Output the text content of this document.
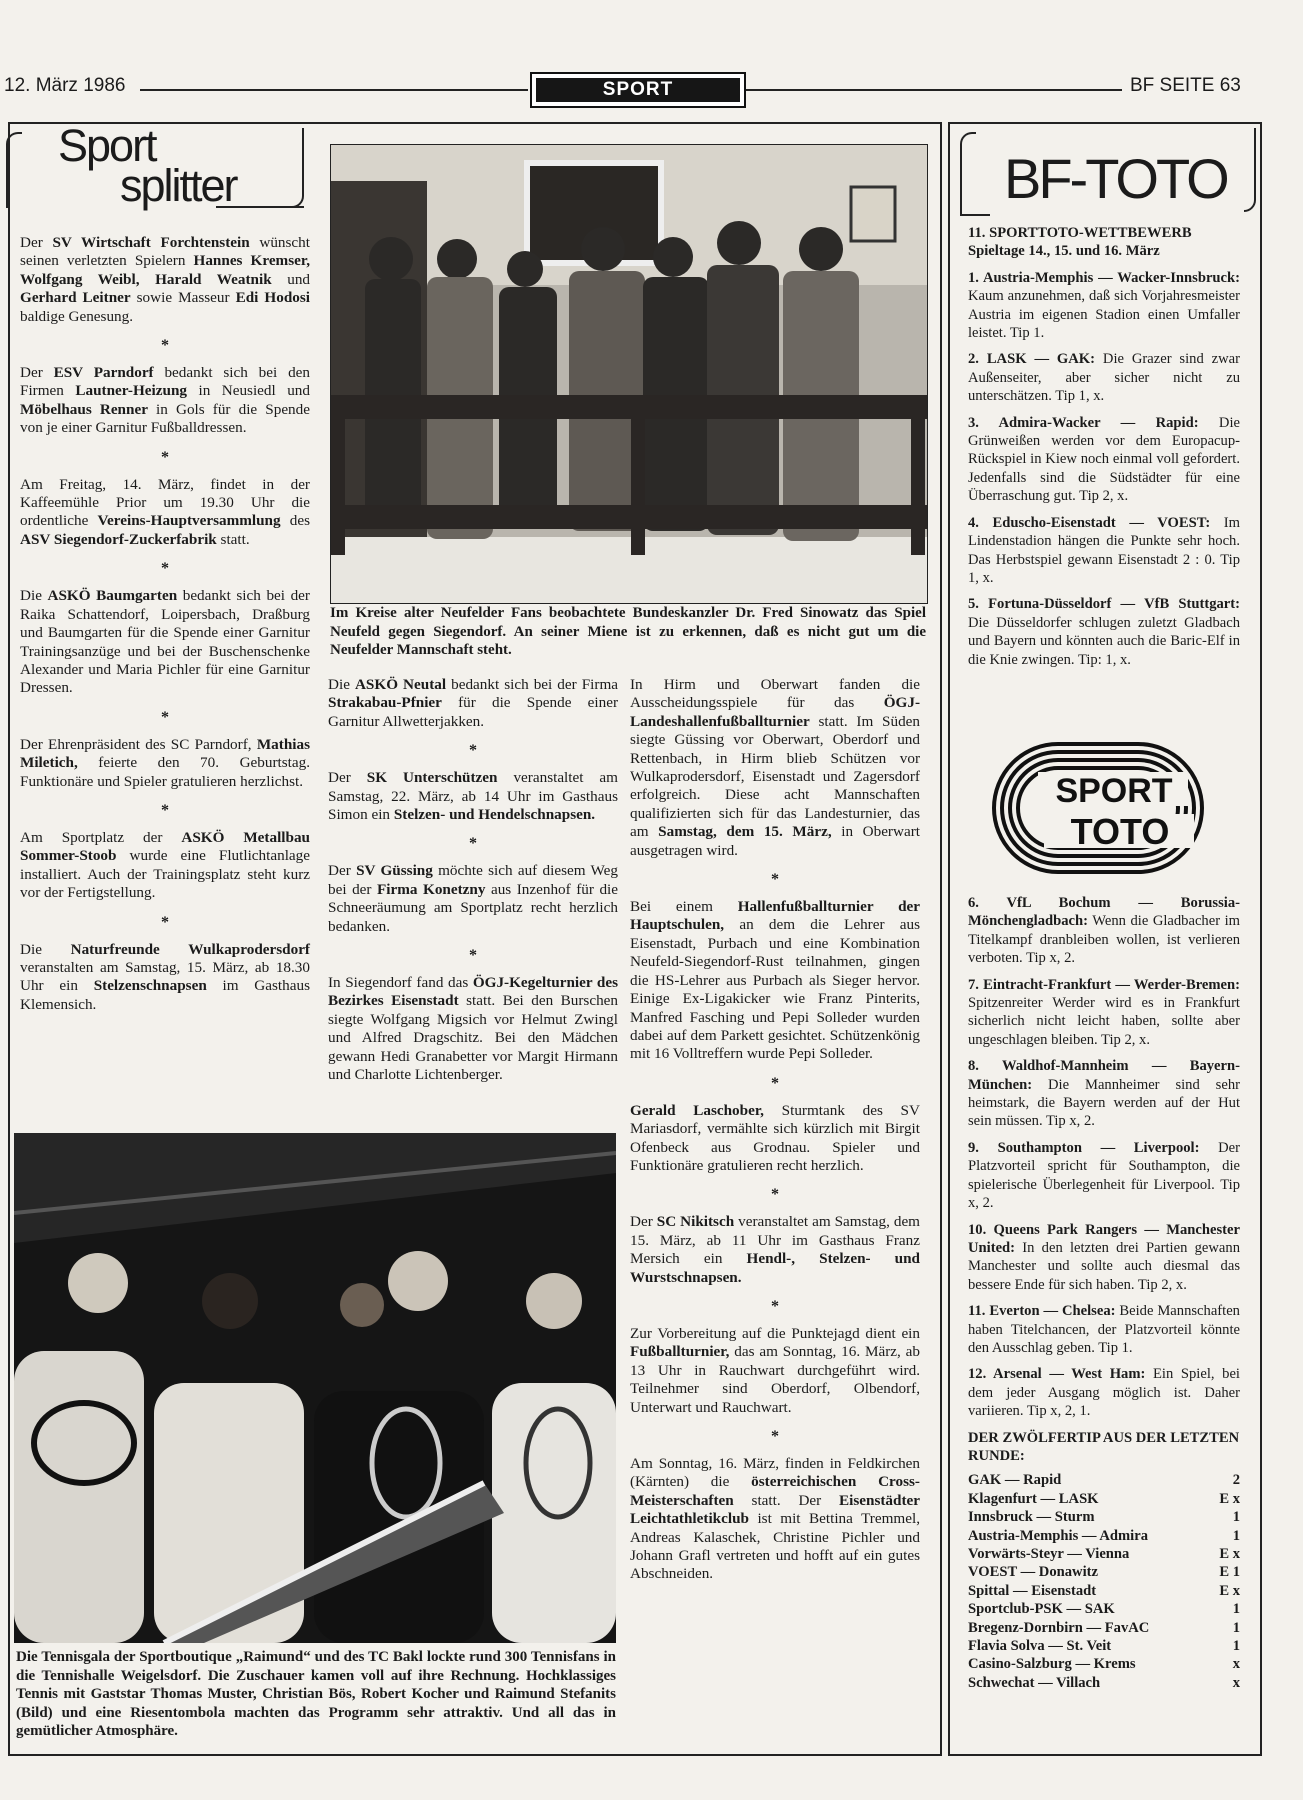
12. März 1986	SPORT	BF SEITE 63
Sport
splitter

Der SV Wirtschaft Forchtenstein wünscht seinen verletzten Spielern Hannes Kremser, Wolfgang Weibl, Harald Weatnik und Gerhard Leitner sowie Masseur Edi Hodosi baldige Genesung.

*

Der ESV Parndorf bedankt sich bei den Firmen Lautner-Heizung in Neusiedl und Möbelhaus Renner in Gols für die Spende von je einer Garnitur Fußballdressen.

*

Am Freitag, 14. März, findet in der Kaffeemühle Prior um 19.30 Uhr die ordentliche Vereins-Hauptversammlung des ASV Siegendorf-Zuckerfabrik statt.

*

Die ASKÖ Baumgarten bedankt sich bei der Raika Schattendorf, Loipersbach, Draßburg und Baumgarten für die Spende einer Garnitur Trainingsanzüge und bei der Buschenschenke Alexander und Maria Pichler für eine Garnitur Dressen.

*

Der Ehrenpräsident des SC Parndorf, Mathias Miletich, feierte den 70. Geburtstag. Funktionäre und Spieler gratulieren herzlichst.

*

Am Sportplatz der ASKÖ Metallbau Sommer-Stoob wurde eine Flutlichtanlage installiert. Auch der Trainingsplatz steht kurz vor der Fertigstellung.

*

Die Naturfreunde Wulkaprodersdorf veranstalten am Samstag, 15. März, ab 18.30 Uhr ein Stelzenschnapsen im Gasthaus Klemensich.

Im Kreise alter Neufelder Fans beobachtete Bundeskanzler Dr. Fred Sinowatz das Spiel Neufeld gegen Siegendorf. An seiner Miene ist zu erkennen, daß es nicht gut um die Neufelder Mannschaft steht.

Die ASKÖ Neutal bedankt sich bei der Firma Strakabau-Pfnier für die Spende einer Garnitur Allwetterjakken.

*

Der SK Unterschützen veranstaltet am Samstag, 22. März, ab 14 Uhr im Gasthaus Simon ein Stelzen- und Hendelschnapsen.

*

Der SV Güssing möchte sich auf diesem Weg bei der Firma Konetzny aus Inzenhof für die Schneeräumung am Sportplatz recht herzlich bedanken.

*

In Siegendorf fand das ÖGJ-Kegelturnier des Bezirkes Eisenstadt statt. Bei den Burschen siegte Wolfgang Migsich vor Helmut Zwingl und Alfred Dragschitz. Bei den Mädchen gewann Hedi Granabetter vor Margit Hirmann und Charlotte Lichtenberger.

In Hirm und Oberwart fanden die Ausscheidungsspiele für das ÖGJ-Landeshallenfußballturnier statt. Im Süden siegte Güssing vor Oberwart, Oberdorf und Rettenbach, in Hirm blieb Schützen vor Wulkaprodersdorf, Eisenstadt und Zagersdorf erfolgreich. Diese acht Mannschaften qualifizierten sich für das Landesturnier, das am Samstag, dem 15. März, in Oberwart ausgetragen wird.

*

Bei einem Hallenfußballturnier der Hauptschulen, an dem die Lehrer aus Eisenstadt, Purbach und eine Kombination Neufeld-Siegendorf-Rust teilnahmen, gingen die HS-Lehrer aus Purbach als Sieger hervor. Einige Ex-Ligakicker wie Franz Pinterits, Manfred Fasching und Pepi Solleder wurden dabei auf dem Parkett gesichtet. Schützenkönig mit 16 Volltreffern wurde Pepi Solleder.

*

Gerald Laschober, Sturmtank des SV Mariasdorf, vermählte sich kürzlich mit Birgit Ofenbeck aus Grodnau. Spieler und Funktionäre gratulieren recht herzlich.

*

Der SC Nikitsch veranstaltet am Samstag, dem 15. März, ab 11 Uhr im Gasthaus Franz Mersich ein Hendl-, Stelzen- und Wurstschnapsen.

*

Zur Vorbereitung auf die Punktejagd dient ein Fußballturnier, das am Sonntag, 16. März, ab 13 Uhr in Rauchwart durchgeführt wird. Teilnehmer sind Oberdorf, Olbendorf, Unterwart und Rauchwart.

*

Am Sonntag, 16. März, finden in Feldkirchen (Kärnten) die österreichischen Cross-Meisterschaften statt. Der Eisenstädter Leichtathletikclub ist mit Bettina Tremmel, Andreas Kalaschek, Christine Pichler und Johann Grafl vertreten und hofft auf ein gutes Abschneiden.

Die Tennisgala der Sportboutique „Raimund“ und des TC Bakl lockte rund 300 Tennisfans in die Tennishalle Weigelsdorf. Die Zuschauer kamen voll auf ihre Rechnung. Hochklassiges Tennis mit Gaststar Thomas Muster, Christian Bös, Robert Kocher und Raimund Stefanits (Bild) und eine Riesentombola machten das Programm sehr attraktiv. Und all das in gemütlicher Atmosphäre.
BF-TOTO

11. SPORTTOTO-WETTBEWERB Spieltage 14., 15. und 16. März

1. Austria-Memphis — Wacker-Innsbruck: Kaum anzunehmen, daß sich Vorjahresmeister Austria im eigenen Stadion einen Umfaller leistet. Tip 1.

2. LASK — GAK: Die Grazer sind zwar Außenseiter, aber sicher nicht zu unterschätzen. Tip 1, x.

3. Admira-Wacker — Rapid: Die Grünweißen werden vor dem Europacup-Rückspiel in Kiew noch einmal voll gefordert. Jedenfalls sind die Südstädter für eine Überraschung gut. Tip 2, x.

4. Eduscho-Eisenstadt — VOEST: Im Lindenstadion hängen die Punkte sehr hoch. Das Herbstspiel gewann Eisenstadt 2 : 0. Tip 1, x.

5. Fortuna-Düsseldorf — VfB Stuttgart: Die Düsseldorfer schlugen zuletzt Gladbach und Bayern und könnten auch die Baric-Elf in die Knie zwingen. Tip: 1, x.

SPORT
TOTO

6. VfL Bochum — Borussia-Mönchengladbach: Wenn die Gladbacher im Titelkampf dranbleiben wollen, ist verlieren verboten. Tip x, 2.

7. Eintracht-Frankfurt — Werder-Bremen: Spitzenreiter Werder wird es in Frankfurt sicherlich nicht leicht haben, sollte aber ungeschlagen bleiben. Tip 2, x.

8. Waldhof-Mannheim — Bayern-München: Die Mannheimer sind sehr heimstark, die Bayern werden auf der Hut sein müssen. Tip x, 2.

9. Southampton — Liverpool: Der Platzvorteil spricht für Southampton, die spielerische Überlegenheit für Liverpool. Tip x, 2.

10. Queens Park Rangers — Manchester United: In den letzten drei Partien gewann Manchester und sollte auch diesmal das bessere Ende für sich haben. Tip 2, x.

11. Everton — Chelsea: Beide Mannschaften haben Titelchancen, der Platzvorteil könnte den Ausschlag geben. Tip 1.

12. Arsenal — West Ham: Ein Spiel, bei dem jeder Ausgang möglich ist. Daher variieren. Tip x, 2, 1.

DER ZWÖLFERTIP AUS DER LETZTEN RUNDE:

GAK — Rapid	2
Klagenfurt — LASK	E x
Innsbruck — Sturm	1
Austria-Memphis — Admira	1
Vorwärts-Steyr — Vienna	E x
VOEST — Donawitz	E 1
Spittal — Eisenstadt	E x
Sportclub-PSK — SAK	1
Bregenz-Dornbirn — FavAC	1
Flavia Solva — St. Veit	1
Casino-Salzburg — Krems	x
Schwechat — Villach	x
